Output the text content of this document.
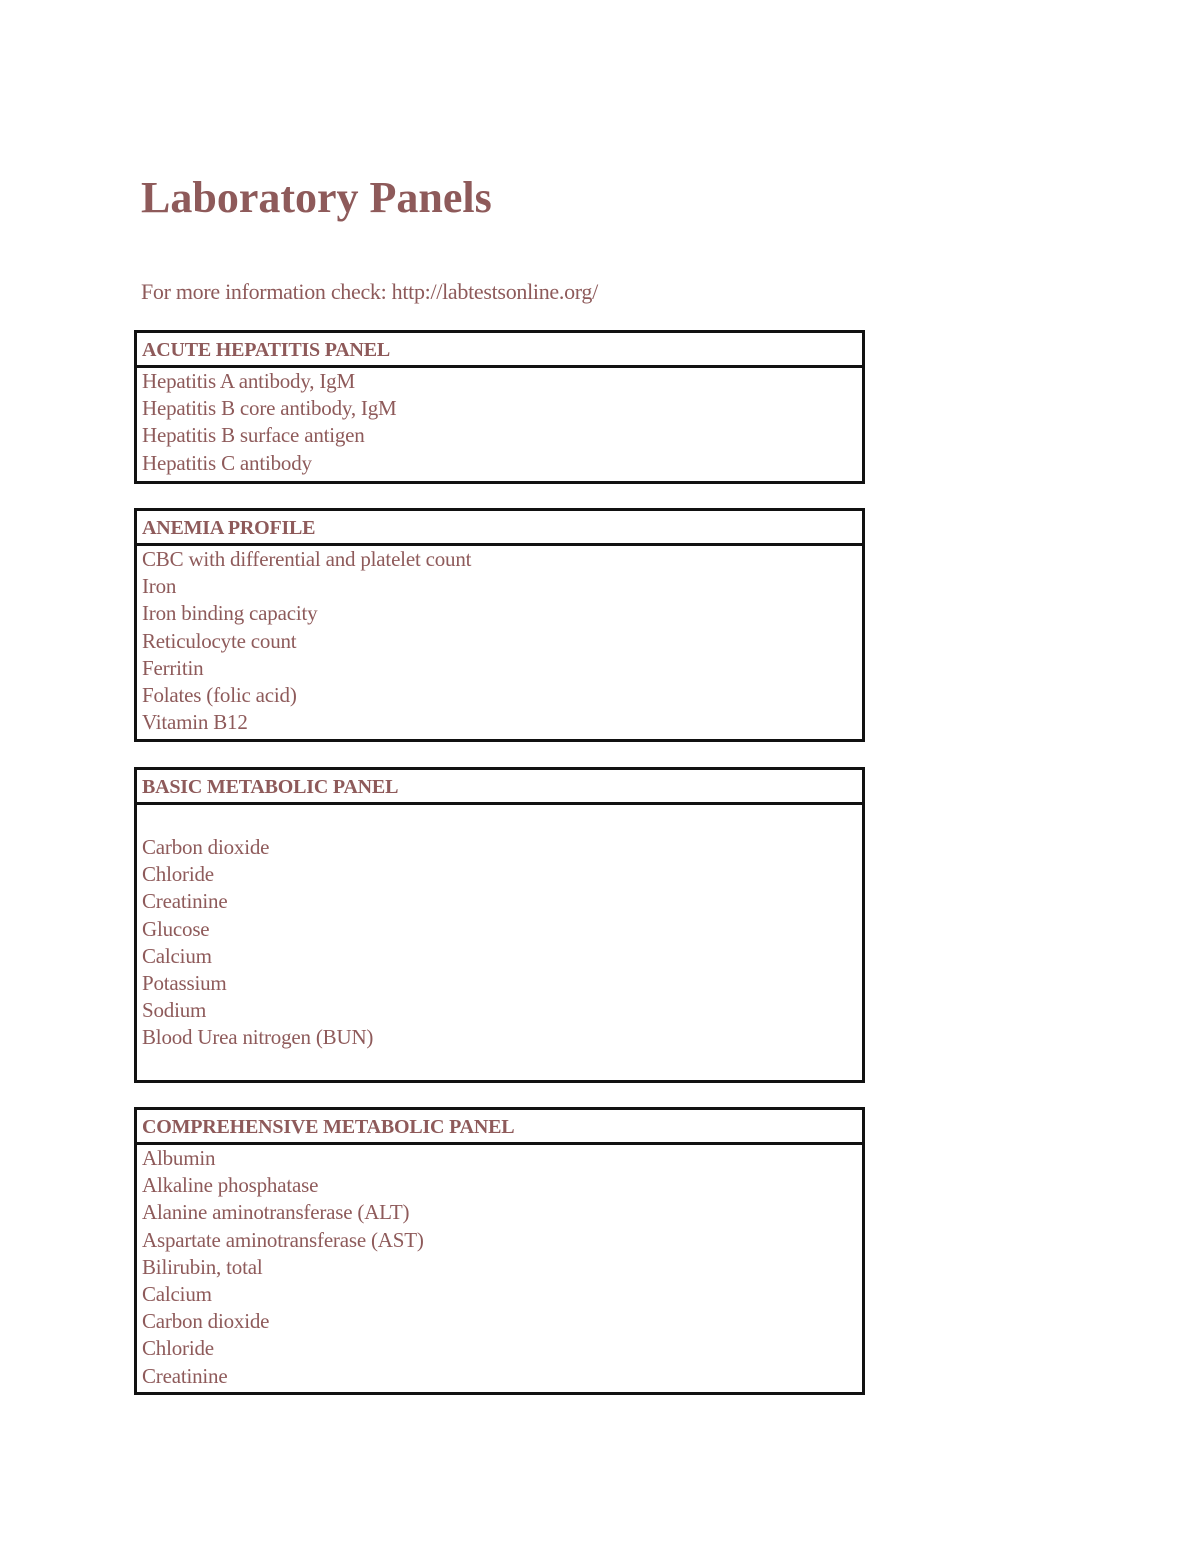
Laboratory Panels
For more information check: http://labtestsonline.org/
ACUTE HEPATITIS PANEL
Hepatitis A antibody, IgM
Hepatitis B core antibody, IgM
Hepatitis B surface antigen
Hepatitis C antibody
ANEMIA PROFILE
CBC with differential and platelet count
Iron
Iron binding capacity
Reticulocyte count
Ferritin
Folates (folic acid)
Vitamin B12
BASIC METABOLIC PANEL
Carbon dioxide
Chloride
Creatinine
Glucose
Calcium
Potassium
Sodium
Blood Urea nitrogen (BUN)
COMPREHENSIVE METABOLIC PANEL
Albumin
Alkaline phosphatase
Alanine aminotransferase (ALT)
Aspartate aminotransferase (AST)
Bilirubin, total
Calcium
Carbon dioxide
Chloride
Creatinine
